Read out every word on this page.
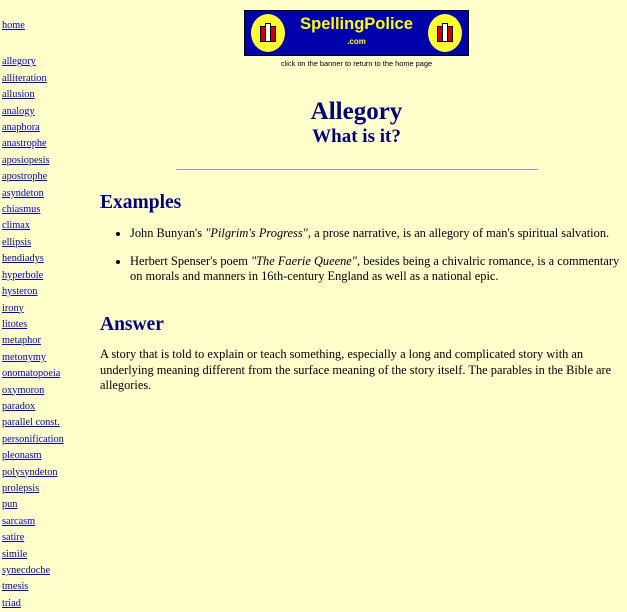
home
allegory
alliteration
allusion
analogy
anaphora
anastrophe
aposiopesis
apostrophe
asyndeton
chiasmus
climax
ellipsis
hendiadys
hyperbole
hysteron
irony
litotes
metaphor
metonymy
onomatopoeia
oxymoron
paradox
parallel const.
personification
pleonasm
polysyndeton
prolepsis
pun
sarcasm
satire
simile
synecdoche
tmesis
triad
SpellingPolice
.com
click on the banner to return to the home page
Allegory
What is it?
Examples
• John Bunyan's "Pilgrim's Progress", a prose narrative, is an allegory of man's spiritual salvation.
• Herbert Spenser's poem "The Faerie Queene", besides being a chivalric romance, is a commentary on morals and manners in 16th-century England as well as a national epic.
Answer

A story that is told to explain or teach something, especially a long and complicated story with an underlying meaning different from the surface meaning of the story itself. The parables in the Bible are allegories.
